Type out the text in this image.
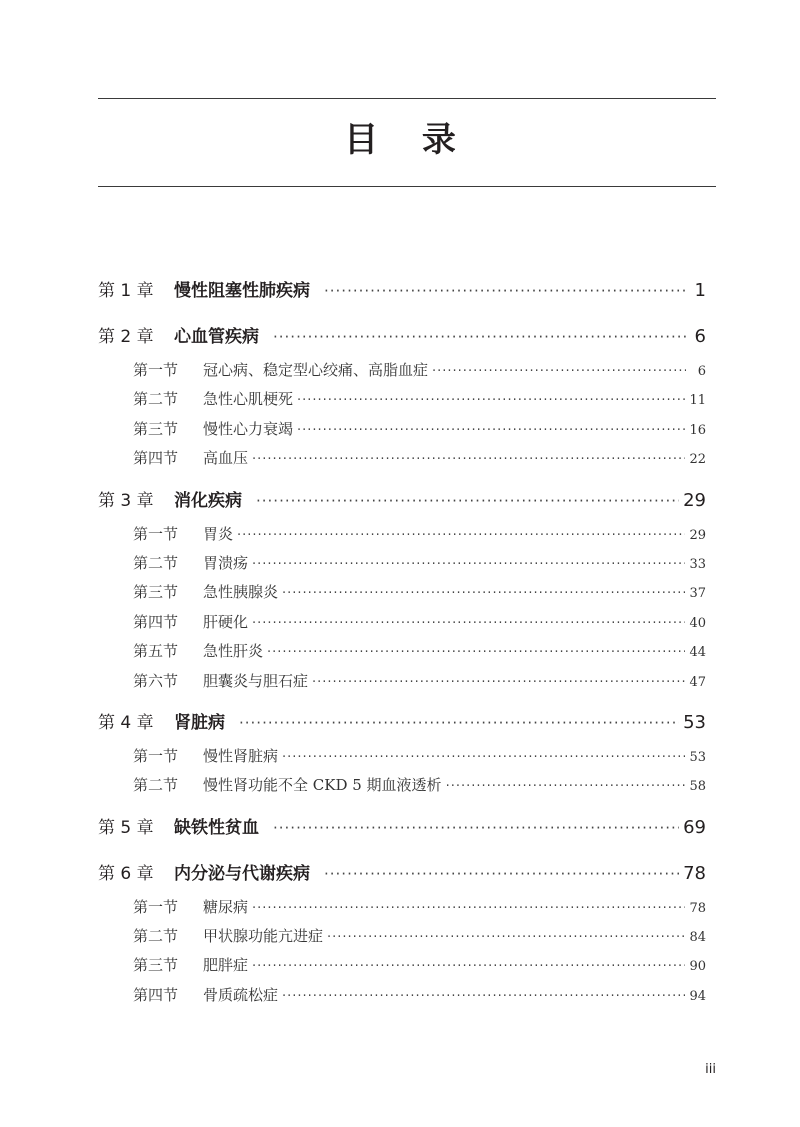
目 录
第 1 章	慢性阻塞性肺疾病 ·····	1
第 2 章	心血管疾病 ·····	6
第一节	冠心病、稳定型心绞痛、高脂血症 ·····	6
第二节	急性心肌梗死 ·····	11
第三节	慢性心力衰竭 ·····	16
第四节	高血压 ·····	22
第 3 章	消化疾病 ·····	29
第一节	胃炎 ·····	29
第二节	胃溃疡 ·····	33
第三节	急性胰腺炎 ·····	37
第四节	肝硬化 ·····	40
第五节	急性肝炎 ·····	44
第六节	胆囊炎与胆石症 ·····	47
第 4 章	肾脏病 ·····	53
第一节	慢性肾脏病 ·····	53
第二节	慢性肾功能不全 CKD 5 期血液透析 ·····	58
第 5 章	缺铁性贫血 ·····	69
第 6 章	内分泌与代谢疾病 ·····	78
第一节	糖尿病 ·····	78
第二节	甲状腺功能亢进症 ·····	84
第三节	肥胖症 ·····	90
第四节	骨质疏松症 ·····	94
iii
